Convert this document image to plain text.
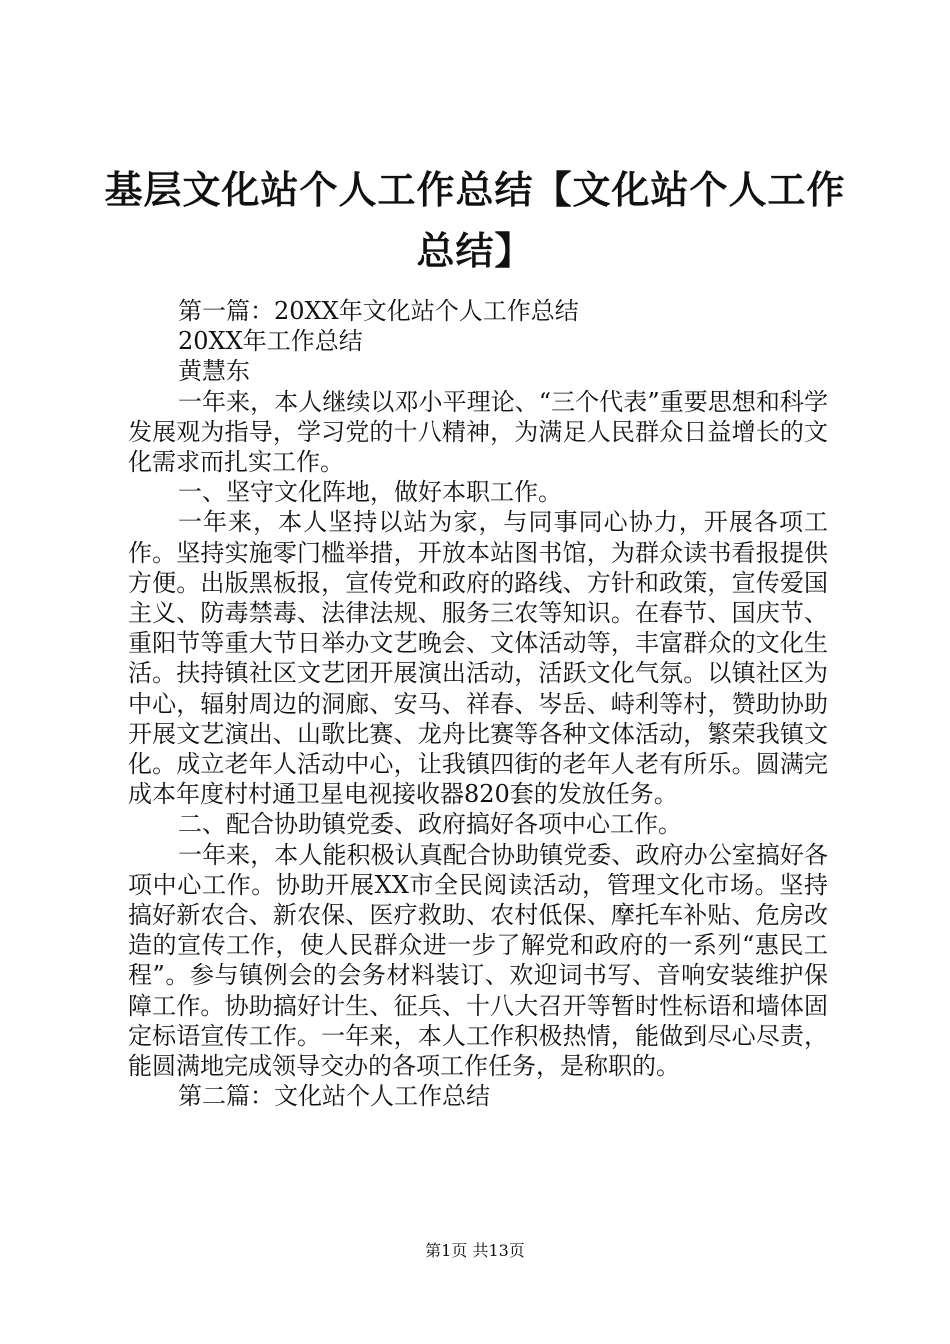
基层文化站个人工作总结【文化站个人工作总结】

第一篇：20XX年文化站个人工作总结

20XX年工作总结

黄慧东

一年来，本人继续以邓小平理论、“三个代表”重要思想和科学发展观为指导，学习党的十八精神，为满足人民群众日益增长的文化需求而扎实工作。

一、坚守文化阵地，做好本职工作。

一年来，本人坚持以站为家，与同事同心协力，开展各项工作。坚持实施零门槛举措，开放本站图书馆，为群众读书看报提供方便。出版黑板报，宣传党和政府的路线、方针和政策，宣传爱国主义、防毒禁毒、法律法规、服务三农等知识。在春节、国庆节、重阳节等重大节日举办文艺晚会、文体活动等，丰富群众的文化生活。扶持镇社区文艺团开展演出活动，活跃文化气氛。以镇社区为中心，辐射周边的洞廊、安马、祥春、岑岳、峙利等村，赞助协助开展文艺演出、山歌比赛、龙舟比赛等各种文体活动，繁荣我镇文化。成立老年人活动中心，让我镇四街的老年人老有所乐。圆满完成本年度村村通卫星电视接收器820套的发放任务。

二、配合协助镇党委、政府搞好各项中心工作。

一年来，本人能积极认真配合协助镇党委、政府办公室搞好各项中心工作。协助开展XX市全民阅读活动，管理文化市场。坚持搞好新农合、新农保、医疗救助、农村低保、摩托车补贴、危房改造的宣传工作，使人民群众进一步了解党和政府的一系列“惠民工程”。参与镇例会的会务材料装订、欢迎词书写、音响安装维护保障工作。协助搞好计生、征兵、十八大召开等暂时性标语和墙体固定标语宣传工作。一年来，本人工作积极热情，能做到尽心尽责，能圆满地完成领导交办的各项工作任务，是称职的。

第二篇：文化站个人工作总结

第1页 共13页
